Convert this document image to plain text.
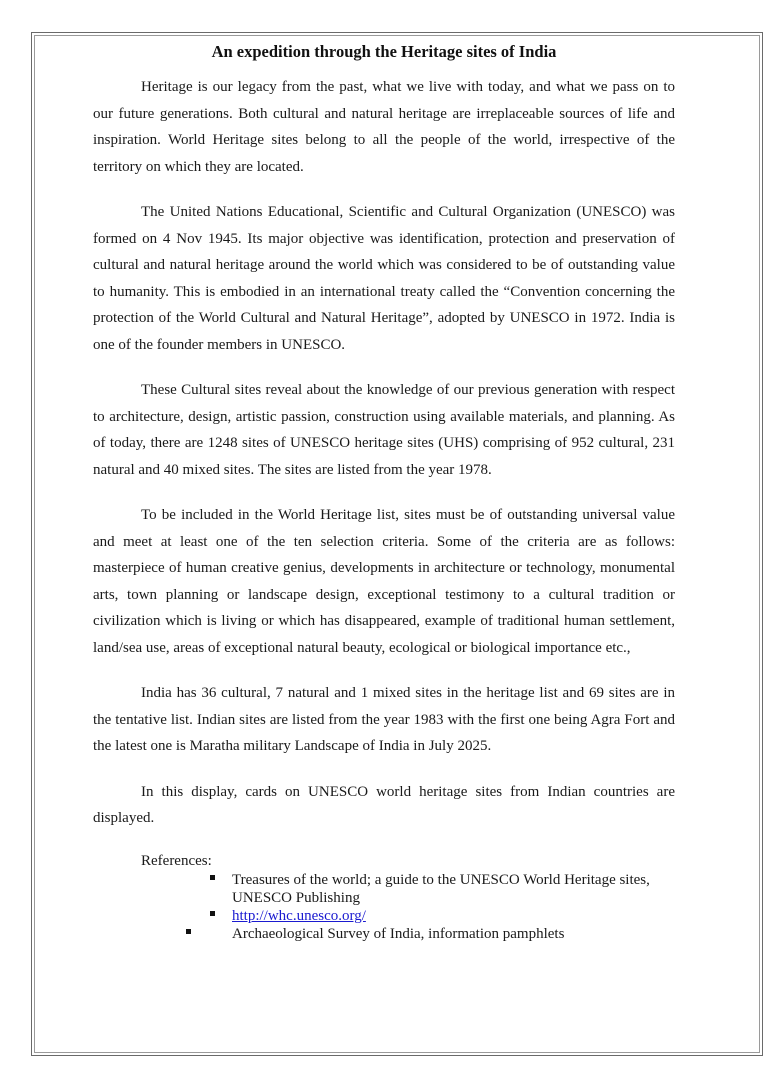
An expedition through the Heritage sites of India

Heritage is our legacy from the past, what we live with today, and what we pass on to our future generations. Both cultural and natural heritage are irreplaceable sources of life and inspiration. World Heritage sites belong to all the people of the world, irrespective of the territory on which they are located.

The United Nations Educational, Scientific and Cultural Organization (UNESCO) was formed on 4 Nov 1945. Its major objective was identification, protection and preservation of cultural and natural heritage around the world which was considered to be of outstanding value to humanity. This is embodied in an international treaty called the “Convention concerning the protection of the World Cultural and Natural Heritage”, adopted by UNESCO in 1972. India is one of the founder members in UNESCO.

These Cultural sites reveal about the knowledge of our previous generation with respect to architecture, design, artistic passion, construction using available materials, and planning. As of today, there are 1248 sites of UNESCO heritage sites (UHS) comprising of 952 cultural, 231 natural and 40 mixed sites. The sites are listed from the year 1978.

To be included in the World Heritage list, sites must be of outstanding universal value and meet at least one of the ten selection criteria. Some of the criteria are as follows: masterpiece of human creative genius, developments in architecture or technology, monumental arts, town planning or landscape design, exceptional testimony to a cultural tradition or civilization which is living or which has disappeared, example of traditional human settlement, land/sea use, areas of exceptional natural beauty, ecological or biological importance etc.,

India has 36 cultural, 7 natural and 1 mixed sites in the heritage list and 69 sites are in the tentative list. Indian sites are listed from the year 1983 with the first one being Agra Fort and the latest one is Maratha military Landscape of India in July 2025.

In this display, cards on UNESCO world heritage sites from Indian countries are displayed.

References:

Treasures of the world; a guide to the UNESCO World Heritage sites, UNESCO Publishing
http://whc.unesco.org/
Archaeological Survey of India, information pamphlets
